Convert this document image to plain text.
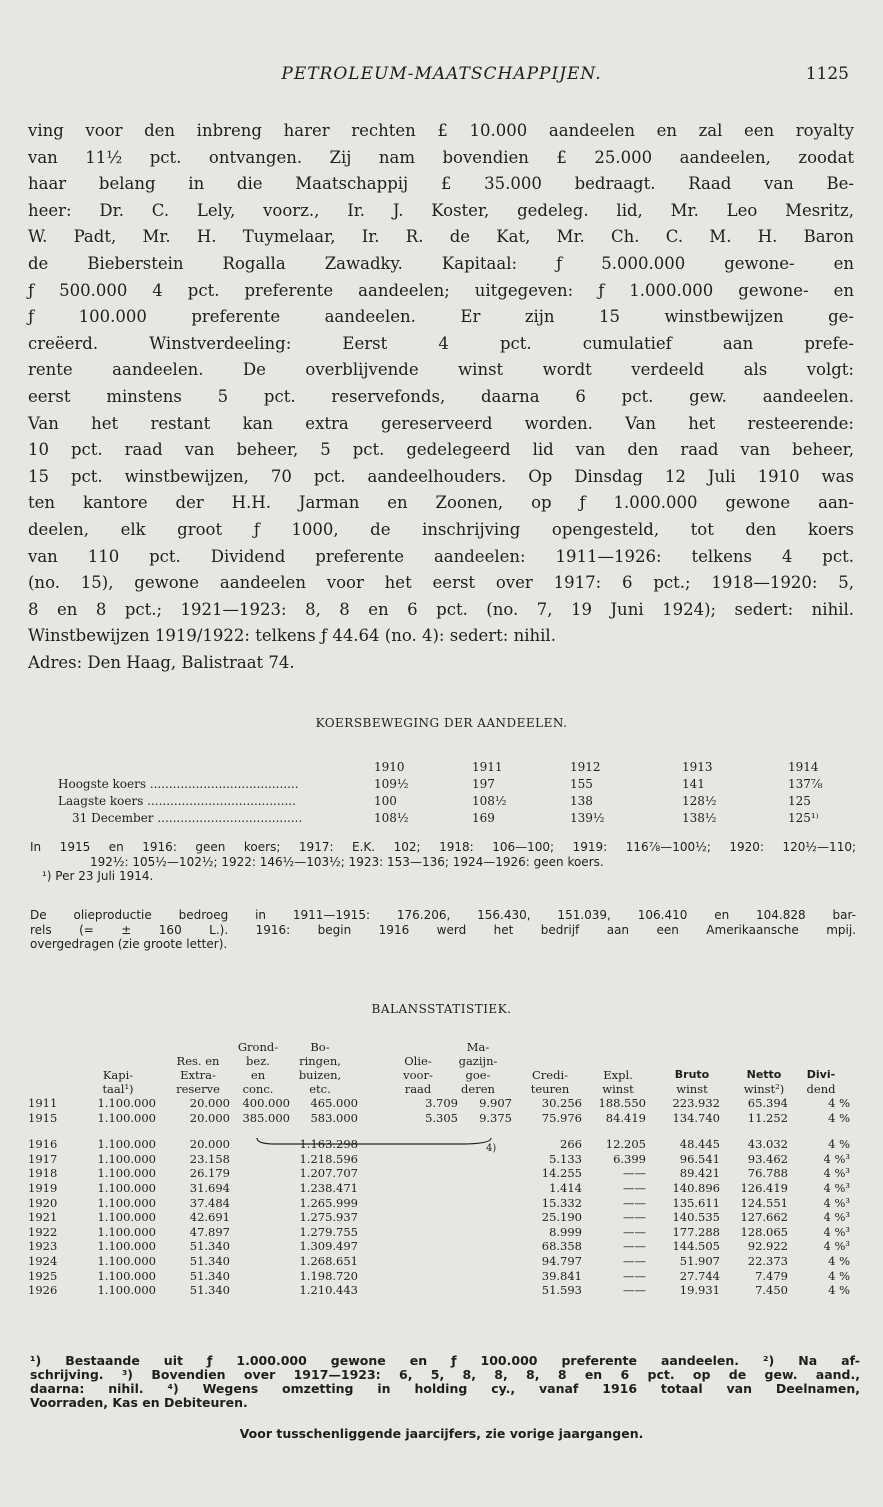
PETROLEUM-MAATSCHAPPIJEN.	1125
ving voor den inbreng harer rechten £ 10.000 aandeelen en zal een royalty
van 11½ pct. ontvangen. Zij nam bovendien £ 25.000 aandeelen, zoodat
haar belang in die Maatschappij £ 35.000 bedraagt. Raad van Be-
heer: Dr. C. Lely, voorz., Ir. J. Koster, gedeleg. lid, Mr. Leo Mesritz,
W. Padt, Mr. H. Tuymelaar, Ir. R. de Kat, Mr. Ch. C. M. H. Baron
de Bieberstein Rogalla Zawadky. Kapitaal: ƒ 5.000.000 gewone- en
ƒ 500.000 4 pct. preferente aandeelen; uitgegeven: ƒ 1.000.000 gewone- en
ƒ 100.000 preferente aandeelen. Er zijn 15 winstbewijzen ge-
creëerd. Winstverdeeling: Eerst 4 pct. cumulatief aan prefe-
rente aandeelen. De overblijvende winst wordt verdeeld als volgt:
eerst minstens 5 pct. reservefonds, daarna 6 pct. gew. aandeelen.
Van het restant kan extra gereserveerd worden. Van het resteerende:
10 pct. raad van beheer, 5 pct. gedelegeerd lid van den raad van beheer,
15 pct. winstbewijzen, 70 pct. aandeelhouders. Op Dinsdag 12 Juli 1910 was
ten kantore der H.H. Jarman en Zoonen, op ƒ 1.000.000 gewone aan-
deelen, elk groot ƒ 1000, de inschrijving opengesteld, tot den koers
van 110 pct. Dividend preferente aandeelen: 1911—1926: telkens 4 pct.
(no. 15), gewone aandeelen voor het eerst over 1917: 6 pct.; 1918—1920: 5,
8 en 8 pct.; 1921—1923: 8, 8 en 6 pct. (no. 7, 19 Juni 1924); sedert: nihil.
Winstbewijzen 1919/1922: telkens ƒ 44.64 (no. 4): sedert: nihil.
Adres: Den Haag, Balistraat 74.
KOERSBEWEGING DER AANDEELEN.
1910	1911	1912	1913	1914
Hoogste koers .......................................	109½	197	155	141	137⅞
Laagste koers .......................................	100	108½	138	128½	125
31 December ......................................	108½	169	139½	138½	125¹⁾
In 1915 en 1916: geen koers; 1917: E.K. 102; 1918: 106—100; 1919: 116⅞—100½; 1920: 120½—110;
192½: 105½—102½; 1922: 146½—103½; 1923: 153—136; 1924—1926: geen koers.
¹) Per 23 Juli 1914.
De olieproductie bedroeg in 1911—1915: 176.206, 156.430, 151.039, 106.410 en 104.828 bar-
rels (= ± 160 L.). 1916: begin 1916 werd het bedrijf aan een Amerikaansche mpij.
overgedragen (zie groote letter).
BALANSSTATISTIEK.
Grond-	Bo-	Ma-
Res. en	bez.	ringen,	Olie-	gazijn-
Kapi-	Extra-	en	buizen,	voor-	goe-	Credi-	Expl.	Bruto	Netto	Divi-
taal¹)	reserve	conc.	etc.	raad	deren	teuren	winst	winst	winst²)	dend
1911	1.100.000	20.000	400.000	465.000	3.709	9.907	30.256	188.550	223.932	65.394	4 %
1915	1.100.000	20.000	385.000	583.000	5.305	9.375	75.976	84.419	134.740	11.252	4 %
1916	1.100.000	20.000	1.163.298	266	12.205	48.445	43.032	4 %
1917	1.100.000	23.158	1.218.596	5.133	6.399	96.541	93.462	4 %³
1918	1.100.000	26.179	1.207.707	14.255	——	89.421	76.788	4 %³
1919	1.100.000	31.694	1.238.471	1.414	——	140.896	126.419	4 %³
1920	1.100.000	37.484	1.265.999	15.332	——	135.611	124.551	4 %³
1921	1.100.000	42.691	1.275.937	25.190	——	140.535	127.662	4 %³
1922	1.100.000	47.897	1.279.755	8.999	——	177.288	128.065	4 %³
1923	1.100.000	51.340	1.309.497	68.358	——	144.505	92.922	4 %³
1924	1.100.000	51.340	1.268.651	94.797	——	51.907	22.373	4 %
1925	1.100.000	51.340	1.198.720	39.841	——	27.744	7.479	4 %
1926	1.100.000	51.340	1.210.443	51.593	——	19.931	7.450	4 %
4)
¹) Bestaande uit ƒ 1.000.000 gewone en ƒ 100.000 preferente aandeelen. ²) Na af-
schrijving. ³) Bovendien over 1917—1923: 6, 5, 8, 8, 8, 8 en 6 pct. op de gew. aand.,
daarna: nihil. ⁴) Wegens omzetting in holding cy., vanaf 1916 totaal van Deelnamen,
Voorraden, Kas en Debiteuren.
Voor tusschenliggende jaarcijfers, zie vorige jaargangen.
